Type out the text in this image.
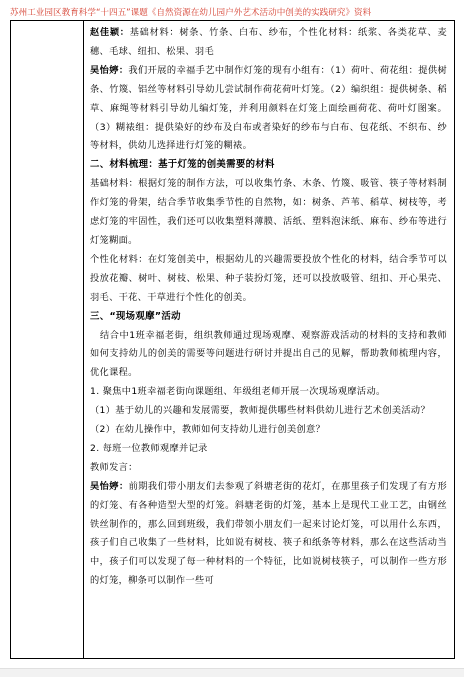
苏州工业园区教育科学“十四五”课题《自然资源在幼儿园户外艺术活动中创美的实践研究》资料

赵佳颖：基础材料：树条、竹条、白布、纱布，个性化材料：纸浆、各类花草、麦穗、毛球、纽扣、松果、羽毛

吴怡婷：我们开展的幸福手艺中制作灯笼的现有小组有：（1）荷叶、荷花组：提供树条、竹篾、铝丝等材料引导幼儿尝试制作荷花荷叶灯笼。（2）编织组：提供树条、稻草、麻绳等材料引导幼儿编灯笼，并利用颜料在灯笼上面绘画荷花、荷叶灯图案。（3）糊裱组：提供染好的纱布及白布或者染好的纱布与白布、包花纸、不织布、纱等材料，供幼儿选择进行灯笼的糊裱。

二、材料梳理：基于灯笼的创美需要的材料

基础材料：根据灯笼的制作方法，可以收集竹条、木条、竹篾、吸管、筷子等材料制作灯笼的骨架，结合季节收集季节性的自然物，如：树条、芦苇、稻草、树枝等，考虑灯笼的牢固性，我们还可以收集塑料薄膜、活纸、塑料泡沫纸、麻布、纱布等进行灯笼糊面。

个性化材料：在灯笼创美中，根据幼儿的兴趣需要投放个性化的材料，结合季节可以投放花瓣、树叶、树枝、松果、种子装扮灯笼，还可以投放吸管、纽扣、开心果壳、羽毛、干花、干草进行个性化的创美。

三、“现场观摩”活动

结合中1班幸福老街，组织教师通过现场观摩、观察游戏活动的材料的支持和教师如何支持幼儿的创美的需要等问题进行研讨并提出自己的见解，帮助教师梳理内容，优化课程。

1. 聚焦中1班幸福老街向课题组、年级组老师开展一次现场观摩活动。

（1）基于幼儿的兴趣和发展需要，教师提供哪些材料供幼儿进行艺术创美活动？

（2）在幼儿操作中，教师如何支持幼儿进行创美创意？

2. 每班一位教师观摩并记录

教师发言：

吴怡婷：前期我们带小朋友们去参观了斜塘老街的花灯，在那里孩子们发现了有方形的灯笼、有各种造型大型的灯笼。斜塘老街的灯笼，基本上是现代工业工艺，由钢丝铁丝制作的，那么回到班级，我们带领小朋友们一起来讨论灯笼，可以用什么东西，孩子们自己收集了一些材料，比如说有树枝、筷子和纸条等材料，那么在这些活动当中，孩子们可以发现了每一种材料的一个特征，比如说树枝筷子，可以制作一些方形的灯笼，柳条可以制作一些可
